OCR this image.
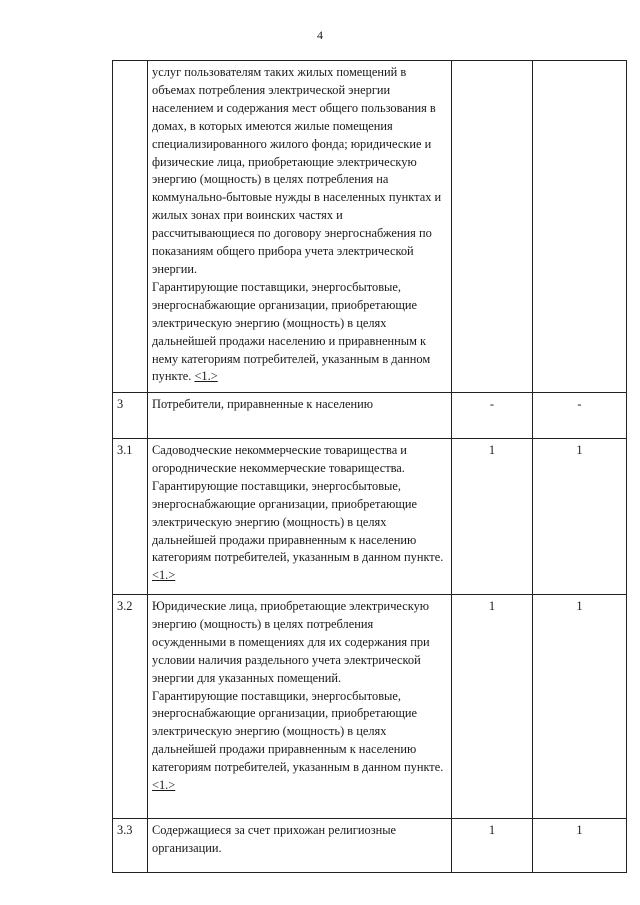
4

	услуг пользователям таких жилых помещений в объемах потребления электрической энергии населением и содержания мест общего пользования в домах, в которых имеются жилые помещения специализированного жилого фонда; юридические и физические лица, приобретающие электрическую энергию (мощность) в целях потребления на коммунально-бытовые нужды в населенных пунктах и жилых зонах при воинских частях и рассчитывающиеся по договору энергоснабжения по показаниям общего прибора учета электрической энергии.
Гарантирующие поставщики, энергосбытовые, энергоснабжающие организации, приобретающие электрическую энергию (мощность) в целях дальнейшей продажи населению и приравненным к нему категориям потребителей, указанным в данном пункте. <1.>		

3	Потребители, приравненные к населению	-	-
3.1	Садоводческие некоммерческие товарищества и огороднические некоммерческие товарищества.
Гарантирующие поставщики, энергосбытовые, энергоснабжающие организации, приобретающие электрическую энергию (мощность) в целях дальнейшей продажи приравненным к населению категориям потребителей, указанным в данном пункте. <1.>	1	1
3.2	Юридические лица, приобретающие электрическую энергию (мощность) в целях потребления осужденными в помещениях для их содержания при условии наличия раздельного учета электрической энергии для указанных помещений.
Гарантирующие поставщики, энергосбытовые, энергоснабжающие организации, приобретающие электрическую энергию (мощность) в целях дальнейшей продажи приравненным к населению категориям потребителей, указанным в данном пункте. <1.>	1	1
3.3	Содержащиеся за счет прихожан религиозные организации.	1	1
